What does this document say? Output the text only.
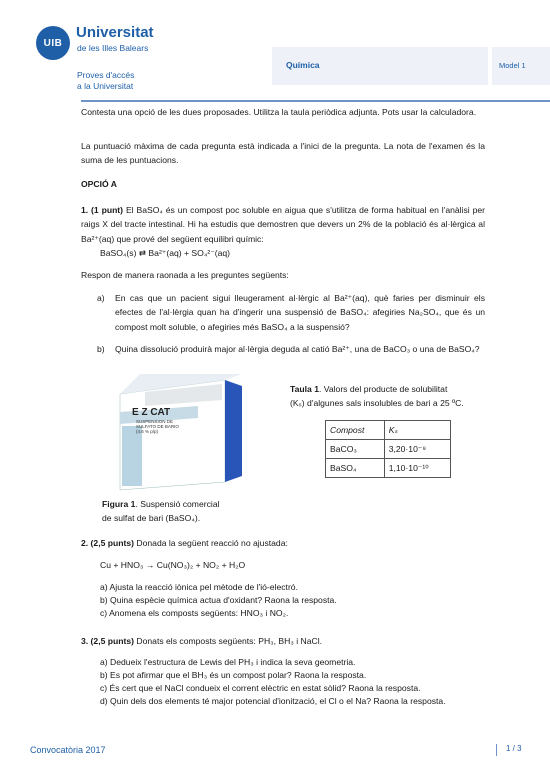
UIB
Universitat
de les Illes Balears
Proves d'accés
a la Universitat
Química	Model 1
Contesta una opció de les dues proposades. Utilitza la taula periòdica adjunta. Pots usar la calculadora.
La puntuació màxima de cada pregunta està indicada a l'inici de la pregunta. La nota de l'examen és la suma de les puntuacions.
OPCIÓ A
1. (1 punt) El BaSO₄ és un compost poc soluble en aigua que s'utilitza de forma habitual en l'anàlisi per raigs X del tracte intestinal. Hi ha estudis que demostren que devers un 2% de la població és al·lèrgica al Ba²⁺(aq) que prové del següent equilibri químic:
BaSO₄(s) ⇄ Ba²⁺(aq) + SO₄²⁻(aq)
Respon de manera raonada a les preguntes següents:
a) En cas que un pacient sigui lleugerament al·lèrgic al Ba²⁺(aq), què faries per disminuir els efectes de l'al·lèrgia quan ha d'ingerir una suspensió de BaSO₄: afegiries Na₂SO₄, que és un compost molt soluble, o afegiries més BaSO₄ a la suspensió?
b) Quina dissolució produirà major al·lèrgia deguda al catió Ba²⁺, una de BaCO₃ o una de BaSO₄?
E Z CAT
SUSPENSION DE
SULFATO DE BARIO
(4,6 % p/p)
Figura 1. Suspensió comercial
de sulfat de bari (BaSO₄).
Taula 1. Valors del producte de solubilitat
(Kₛ) d'algunes sals insolubles de bari a 25 ºC.
Compost	Kₛ
BaCO₃	3,20·10⁻⁹
BaSO₄	1,10·10⁻¹⁰
2. (2,5 punts) Donada la següent reacció no ajustada:
Cu + HNO₃ → Cu(NO₃)₂ + NO₂ + H₂O
a) Ajusta la reacció iònica pel mètode de l'ió-electró.
b) Quina espècie química actua d'oxidant? Raona la resposta.
c) Anomena els composts següents: HNO₃ i NO₂.
3. (2,5 punts) Donats els composts següents: PH₃, BH₃ i NaCl.
a) Dedueix l'estructura de Lewis del PH₃ i indica la seva geometria.
b) Es pot afirmar que el BH₃ és un compost polar? Raona la resposta.
c) És cert que el NaCl condueix el corrent elèctric en estat sòlid? Raona la resposta.
d) Quin dels dos elements té major potencial d'ionització, el Cl o el Na? Raona la resposta.
Convocatòria 2017	1 / 3
